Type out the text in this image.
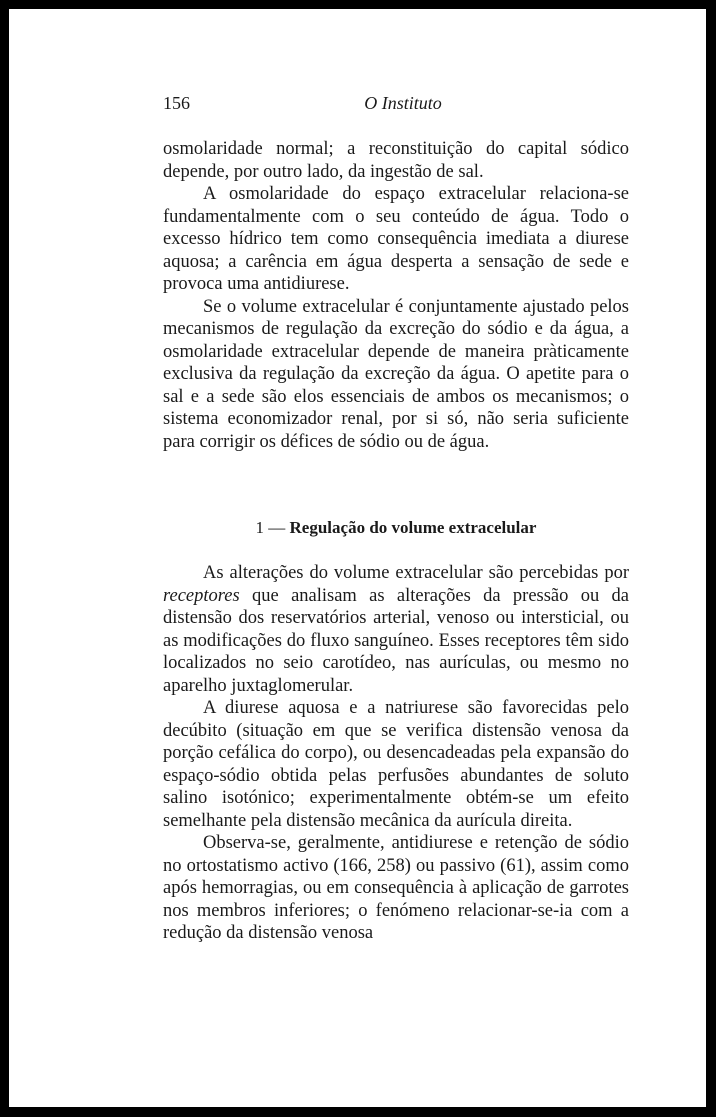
156	O Instituto

osmolaridade normal; a reconstituição do capital sódico depende, por outro lado, da ingestão de sal.

A osmolaridade do espaço extracelular relaciona-se fundamentalmente com o seu conteúdo de água. Todo o excesso hídrico tem como consequência imediata a diurese aquosa; a carência em água desperta a sensação de sede e provoca uma antidiurese.

Se o volume extracelular é conjuntamente ajustado pelos mecanismos de regulação da excreção do sódio e da água, a osmolaridade extracelular depende de maneira pràticamente exclusiva da regulação da excreção da água. O apetite para o sal e a sede são elos essenciais de ambos os mecanismos; o sistema economizador renal, por si só, não seria suficiente para corrigir os défices de sódio ou de água.

1 — Regulação do volume extracelular

As alterações do volume extracelular são percebidas por receptores que analisam as alterações da pressão ou da distensão dos reservatórios arterial, venoso ou intersticial, ou as modificações do fluxo sanguíneo. Esses receptores têm sido localizados no seio carotídeo, nas aurículas, ou mesmo no aparelho juxtaglomerular.

A diurese aquosa e a natriurese são favorecidas pelo decúbito (situação em que se verifica distensão venosa da porção cefálica do corpo), ou desencadeadas pela expansão do espaço-sódio obtida pelas perfusões abundantes de soluto salino isotónico; experimentalmente obtém-se um efeito semelhante pela distensão mecânica da aurícula direita.

Observa-se, geralmente, antidiurese e retenção de sódio no ortostatismo activo (166, 258) ou passivo (61), assim como após hemorragias, ou em consequência à aplicação de garrotes nos membros inferiores; o fenómeno relacionar-se-ia com a redução da distensão venosa
